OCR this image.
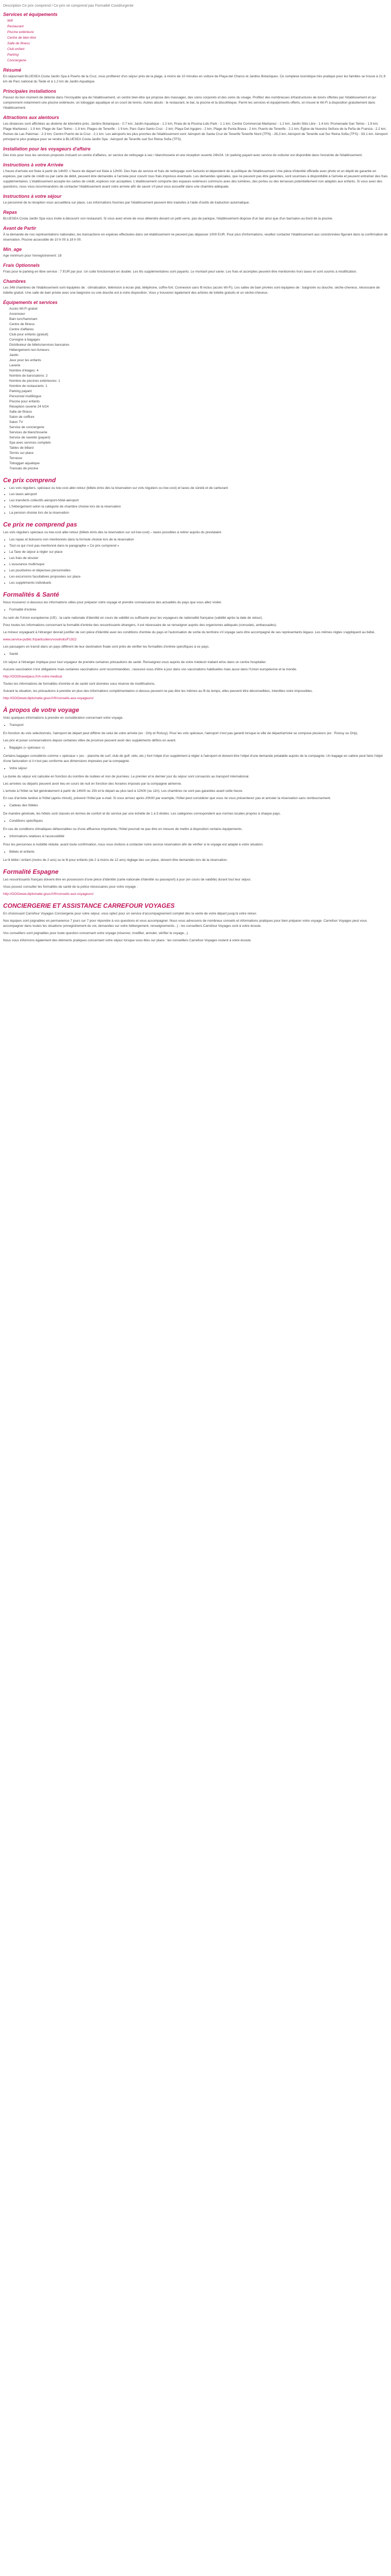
Description Ce prix comprend / Ce prix ne comprend pas Formalité Covid/urgente
Services et équipements
Wifi
Restaurant
Piscine extérieure
Centre de bien-être
Salle de fitness
Club enfant
Parking
Conciergerie
Résumé

En séjournant BLUESEA Costa Jardin Spa à Puerto de la Cruz, vous profiterez d'un séjour près de la plage, à moins de 10 minutes en voiture de Playa del Charco et Jardins Botaniques. Ce complexe touristique très pratique pour les familles se trouve à 21.9 km de Parc national du Teide et à 1.2 km de Jardin Aquatique.

Principales installations

Passez du bon moment de détente dans l'incroyable spa de l'établissement, un centre bien-être qui propose des massages, des soins corporels et des soins du visage. Profitez des nombreuses infrastructures de loisirs offertes par l'établissement et qui comprennent notamment une piscine extérieure, un toboggan aquatique et un court de tennis. Autres atouts : le restaurant, le bar, la piscine et la discothèque. Parmi les services et équipements offerts, on trouve le Wi-Fi à disposition gratuitement dans l'établissement.

Attractions aux alentours

Les distances sont affichées au dixième de kilomètre près. Jardins Botaniques - 0.7 km; Jardin Aquatique - 1.2 km; Praia de la Piscina-Lido Park - 1.1 km; Centre Commercial Martianez - 1.2 km; Jardin Sitio Litre - 1.4 km; Promenade San Telmo - 1.9 km; Plage Martianez - 1.9 km; Plage de San Telmo - 1.9 km; Plages de Tenerife - 1 9 km; Parc Garo Santo Cruz - 2 km; Playa Del Agujero - 2 km; Plage de Punta Brava - 2 km; Puerto de Tenerife - 2.1 km; Église de Nuestra Señora de la Peña de Francia - 2.2 km; Ruines de Las Palomas - 2.3 km; Centro Puerto de la Cruz - 2.1 km. Les aéroports les plus proches de l'établissement sont: Aéroport de Santa Cruz de Tenerife Tenerife Nord (TFN) - 26,3 km; Aéroport de Tenerife sud Sur Reina Sofia (TFS) - 93.1 km. Aéroport principal le plus pratique pour se rendre à BLUESEA Costa Jardin Spa : Aéroport de Tenerife sud Sur Reina Sofia (TFS).

Installation pour les voyageurs d'affaire

Des trois pour tous les services proposés incluant un centre d'affaires, un service de nettoyage à sec / blanchisserie et une réception ouverte 24h/24. Un parking payant avec service de voiturier est disponible dans l'enceinte de l'établissement.

Instructions à votre Arrivée

L'heure d'arrivée est fixée à partir de 14h00. L'heure de départ est fixée à 12h00. Des frais de service et frais de nettoyage sont facturés et dépendent de la politique de l'établissement. Une pièce d'identité officielle avec photo et un dépôt de garantie en espèces, par carte de crédit ou par carte de débit, peuvent être demandés à l'arrivée pour couvrir tous frais imprévus éventuels. Les demandes spéciales, que ne peuvent pas être garanties, sont soumises à disponibilité à l'arrivée et peuvent entraîner des frais supplémentaires. L'établissement accepte les cartes de crédit, espèces non acceptées. L'établissement comporte des espaces extérieurs communs avec des lumières, des portes ou des terrasses potentiellement non adaptés aux enfants. Si vous avez des questions, nous vous recommandons de contacter l'établissement avant votre arrivée afin de savoir s'il peut vous accueillir dans une chambre adéquate.

Instructions à votre séjour

Le personnel de la réception vous accueillera sur place. Les informations fournies par l'établissement peuvent être traduites à l'aide d'outils de traduction automatique.

Repas

BLUESEA Costa Jardin Spa vous invite à découvrir son restaurant. Si vous avez envie de vous détendre devant un petit verre, pas de panique, l'établissement dispose d'un bar ainsi que d'un bar/salon au bord de la piscine.

Avant de Partir

À la demande de nos représentations nationales, les transactions en espèces effectuées dans cet établissement ne peuvent pas dépasser 1000 EUR. Pour plus d'informations, veuillez contacter l'établissement aux coordonnées figurant dans la confirmation de réservation. Piscine accessible de 10 h 00 à 18 h 00.

Min_age

Age minimum pour l'enregistrement: 18

Frais Optionnels

Frais pour le parking en libre service : 7 EUR par jour. Un culte fonctionnant en double. Les lits supplémentaires sont payants. Le montant peut varier. Les frais et acomptes peuvent être mentionnés hors taxes et sont soumis à modification.

Chambres

Les 348 chambres de l'établissement sont équipées de : climatisation, télévision à écran plat, téléphone, coffre-fort. Connexion sans fil inclus (accès Wi-Fi). Les salles de bain privées sont équipées de : baignoire ou douche, sèche-cheveux, nécessaire de toilette gratuit. Une salle de bain privée avec une baignoire ou une douche est à votre disposition. Vous y trouverez également des articles de toilette gratuits et un sèche-cheveux.

Équipements et services
Accès Wi-Fi gratuit
Ascenseur
Bain turc/hammam
Centre de fitness
Centre d'affaires
Club pour enfants (gratuit)
Consigne à bagages
Distributeur de billets/services bancaires
Hébergement non-fumeurs
Jardin
Jeux pour les enfants
Laverie
Nombre d'étages: 4
Nombre de bars/salons: 2
Nombre de piscines extérieures: 1
Nombre de restaurants: 1
Parking payant
Personnel multilingue
Piscine pour enfants
Réception ouverte 24 h/24
Salle de fitness
Salon de coiffure
Salon TV
Service de conciergerie
Services de blanchisserie
Service de navette (payant)
Spa avec services complets
Tables de billard
Tennis sur place
Terrasse
Toboggan aquatique
Transats de piscine
Ce prix comprend
• Les vols réguliers, spéciaux ou low-cost aller-retour (billets émis dès la réservation sur vols réguliers ou low-cost) et taxes de sûreté et de carburant
• Les taxes aéroport
• Les transferts collectifs aéroport-hôtel-aéroport
• L'hébergement selon la catégorie de chambre choisie lors de la réservation
• La pension choisie lors de la réservation
Ce prix ne comprend pas

Les vols réguliers spéciaux ou low-cost aller-retour (billets émis dès la réservation sur vol low-cost) – taxes possibles à retirer auprès du prestataire

• Les repas et boissons non mentionnés dans la formule choisie lors de la réservation
• Tout ce qui n'est pas mentionné dans le paragraphe « Ce prix comprend »
• La Taxe de séjour à régler sur place
• Les frais de dossier
• L'assurance multirisque
• Les pourboires et dépenses personnelles
• Les excursions facultatives proposées sur place
• Les suppléments individuels
Formalités & Santé

Nous trouverez ci-dessous les informations utiles pour préparer votre voyage et prendre connaissance des actualités du pays que vous allez visiter.

• Formalité d'entrée

Au sein de l'Union européenne (UE) : la carte nationale d'identité en cours de validité ou suffisante pour les voyageurs de nationalité française (validité après la date de retour).

Pour toutes les informations concernant la formalité d'entrée des ressortissants étrangers, il est nécessaire de se renseigner auprès des organismes adéquats (consulats, ambassades).

Le mineur voyageant à l'étranger devrait justifier de son pièce d'identité avec les conditions d'entrée du pays et l'autorisation de sortie du territoire s'il voyage sans être accompagné de ses représentants légaux. Les mêmes règles s'appliquent au bébé.

www.service-public.fr/particuliers/vosdroits/F1922

Les passagers en transit dans un pays différent de leur destination finale sont priés de vérifier les formalités d'entrée spécifiques à ce pays.

• Santé

Un séjour à l'étranger implique pour tout voyageur de prendre certaines précautions de santé. Renseignez-vous auprès de votre médecin traitant et/ou dans un centre hospitalier.

Aucune vaccination n'est obligatoire mais certaines vaccinations sont recommandées ; rassurez-vous d'être à jour dans vos vaccinations habituelles mais aussi dans l'Union européenne et la monde.

http://OOOtravelpass.fr/A-votre-medical

Toutes les informations de formalités d'entrée et de santé sont données sous réserve de modifications.

Suivant la situation, les précautions à prendre en plus des informations complémentaires ci-dessus peuvent ne pas être les mêmes au fil du temps, elles peuvent être déconseillées, interdites voire impossibles.

http://OOOwww.diplomatie.gouv.fr/fr/conseils-aux-voyageurs/

À propos de votre voyage

Voici quelques informations à prendre en considération concernant votre voyage.

• Transport

En fonction du vols sélectionnés, l'aéroport de départ peut différer de celui de votre arrivée (ex : Orly et Roissy). Pour les vols spéciaux, l'aéroport n'est pas garanti lorsque la ville de départ/arrivée se compose plusieurs (ex : Roissy ou Orly).

Les prix et poser us/reservations depuis certaines villes de province peuvent avoir des suppléments définis en avant.

• Bagages (« spéciaux »)

Certains bagages considérés comme « spéciaux » (ex. : planche de surf, club de golf, vélo, etc.) font l'objet d'un supplément à régler à l'aéroport et doivent être l'objet d'une demande préalable auprès de la compagnie. Un bagage en cabine peut faire l'objet d'une facturation si il n'est pas conforme aux dimensions imposées par la compagnie.

• Votre séjour

La durée du séjour est calculée en fonction du nombre de nuitées et non de journées. Le premier et le dernier jour du séjour sont consacrés au transport international.

Les arrivées ou départs peuvent avoir lieu en cours de nuit en fonction des horaires imposés par la compagnie aérienne.

L'arrivée à l'hôtel se fait généralement à partir de 14h00 ou 15h et le départ au plus tard à 12h00 (ou 11h). Les chambres ne sont pas garanties avant cette heure.

En cas d'arrivée tardive à l'hôtel (après minuit), prévenir l'hôtel par e-mail. Si vous arrivez après 20h00 par exemple, l'hôtel peut considérer que vous ne vous présenterez pas et annuler la réservation sans remboursement.

• Cadeau des fidèles

De manière générale, les hôtels sont classés en termes de confort et de service par une échelle de 1 à 5 étoiles. Les catégories correspondent aux normes locales propres à chaque pays.

• Conditions spécifiques

En cas de conditions climatiques défavorables ou d'une affluence importante, l'hôtel pourrait ne pas être en mesure de mettre à disposition certains équipements.

• Informations relatives à l'accessibilité

Pour les personnes à mobilité réduite, avant toute confirmation, nous vous invitons à contacter notre service réservation afin de vérifier si le voyage est adapté à votre situation.

• Bébés et enfants

Le lit bébé / enfant (moins de 2 ans) ou le lit pour enfants (de 2 à moins de 12 ans) réglage des sur place, doivent être demandés lors de la réservation.

Formalité Espagne

Les ressortissants français doivent être en possession d'une pièce d'identité (carte nationale d'identité ou passeport) à jour (en cours de validité) durant tout leur séjour.

Vous pouvez consulter les formalités de santé de la police nécessaires pour votre voyage :

http://OOOwww.diplomatie.gouv.fr/fr/conseils-aux-voyageurs/

CONCIERGERIE ET ASSISTANCE CARREFOUR VOYAGES

En choisissant Carrefour Voyages Conciergerie pour votre séjour, vous optez pour un service d'accompagnement complet dès la vente de votre départ jusqu'à votre retour.

Nos équipes sont joignables en permanence 7 jours sur 7 pour répondre à vos questions et vous accompagner. Nous vous adressons de nombreux conseils et informations pratiques pour bien préparer votre voyage. Carrefour Voyages peut vous accompagner dans toutes les situations (enregistrement du vol, demandes sur votre hébergement, renseignements...) - les conseillers Carrefour Voyages sont à votre écoute.

Vos conseillers sont joignables pour toute question concernant votre voyage (réserver, modifier, annuler, vérifier le voyage...).

Nous vous informons également des éléments pratiques concernant votre séjour lorsque vous êtes sur place : les conseillers Carrefour Voyages restent à votre écoute.
